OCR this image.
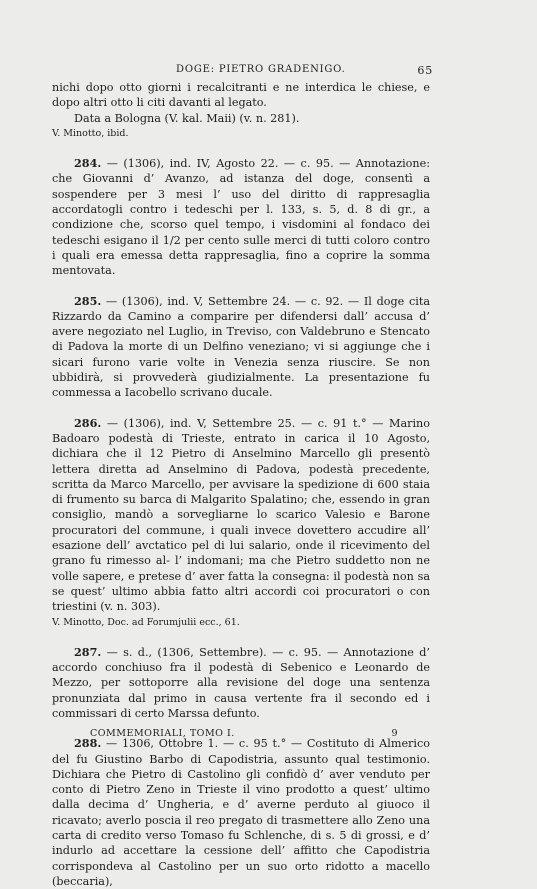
DOGE: PIETRO GRADENIGO.	65

nichi dopo otto giorni i recalcitranti e ne interdica le chiese, e dopo altri otto li citi davanti al legato.

Data a Bologna (V. kal. Maii) (v. n. 281).

V. Minotto, ibid.

284. — (1306), ind. IV, Agosto 22. — c. 95. — Annotazione: che Giovanni d’ Avanzo, ad istanza del doge, consentì a sospendere per 3 mesi l’ uso del diritto di rappresaglia accordatogli contro i tedeschi per l. 133, s. 5, d. 8 di gr., a condizione che, scorso quel tempo, i visdomini al fondaco dei tedeschi esigano il 1/2 per cento sulle merci di tutti coloro contro i quali era emessa detta rappresaglia, fino a coprire la somma mentovata.

285. — (1306), ind. V, Settembre 24. — c. 92. — Il doge cita Rizzardo da Camino a comparire per difendersi dall’ accusa d’ avere negoziato nel Luglio, in Treviso, con Valdebruno e Stencato di Padova la morte di un Delfino veneziano; vi si aggiunge che i sicari furono varie volte in Venezia senza riuscire. Se non ubbidirà, si provvederà giudizialmente. La presentazione fu commessa a Iacobello scrivano ducale.

286. — (1306), ind. V, Settembre 25. — c. 91 t.° — Marino Badoaro podestà di Trieste, entrato in carica il 10 Agosto, dichiara che il 12 Pietro di Anselmino Marcello gli presentò lettera diretta ad Anselmino di Padova, podestà precedente, scritta da Marco Marcello, per avvisare la spedizione di 600 staia di frumento su barca di Malgarito Spalatino; che, essendo in gran consiglio, mandò a sorvegliarne lo scarico Valesio e Barone procuratori del commune, i quali invece dovettero accudire all’ esazione dell’ avctatico pel di lui salario, onde il ricevimento del grano fu rimesso al- l’ indomani; ma che Pietro suddetto non ne volle sapere, e pretese d’ aver fatta la consegna: il podestà non sa se quest’ ultimo abbia fatto altri accordi coi procuratori o con triestini (v. n. 303).

V. Minotto, Doc. ad Forumjulii ecc., 61.

287. — s. d., (1306, Settembre). — c. 95. — Annotazione d’ accordo conchiuso fra il podestà di Sebenico e Leonardo de Mezzo, per sottoporre alla revisione del doge una sentenza pronunziata dal primo in causa vertente fra il secondo ed i commissari di certo Marssa defunto.

288. — 1306, Ottobre 1. — c. 95 t.° — Costituto di Almerico del fu Giustino Barbo di Capodistria, assunto qual testimonio. Dichiara che Pietro di Castolino gli confidò d’ aver venduto per conto di Pietro Zeno in Trieste il vino prodotto a quest’ ultimo dalla decima d’ Ungheria, e d’ averne perduto al giuoco il ricavato; averlo poscia il reo pregato di trasmettere allo Zeno una carta di credito verso Tomaso fu Schlenche, di s. 5 di grossi, e d’ indurlo ad accettare la cessione dell’ affitto che Capodistria corrispondeva al Castolino per un suo orto ridotto a macello (beccaria),

COMMEMORIALI, TOMO I.	9
